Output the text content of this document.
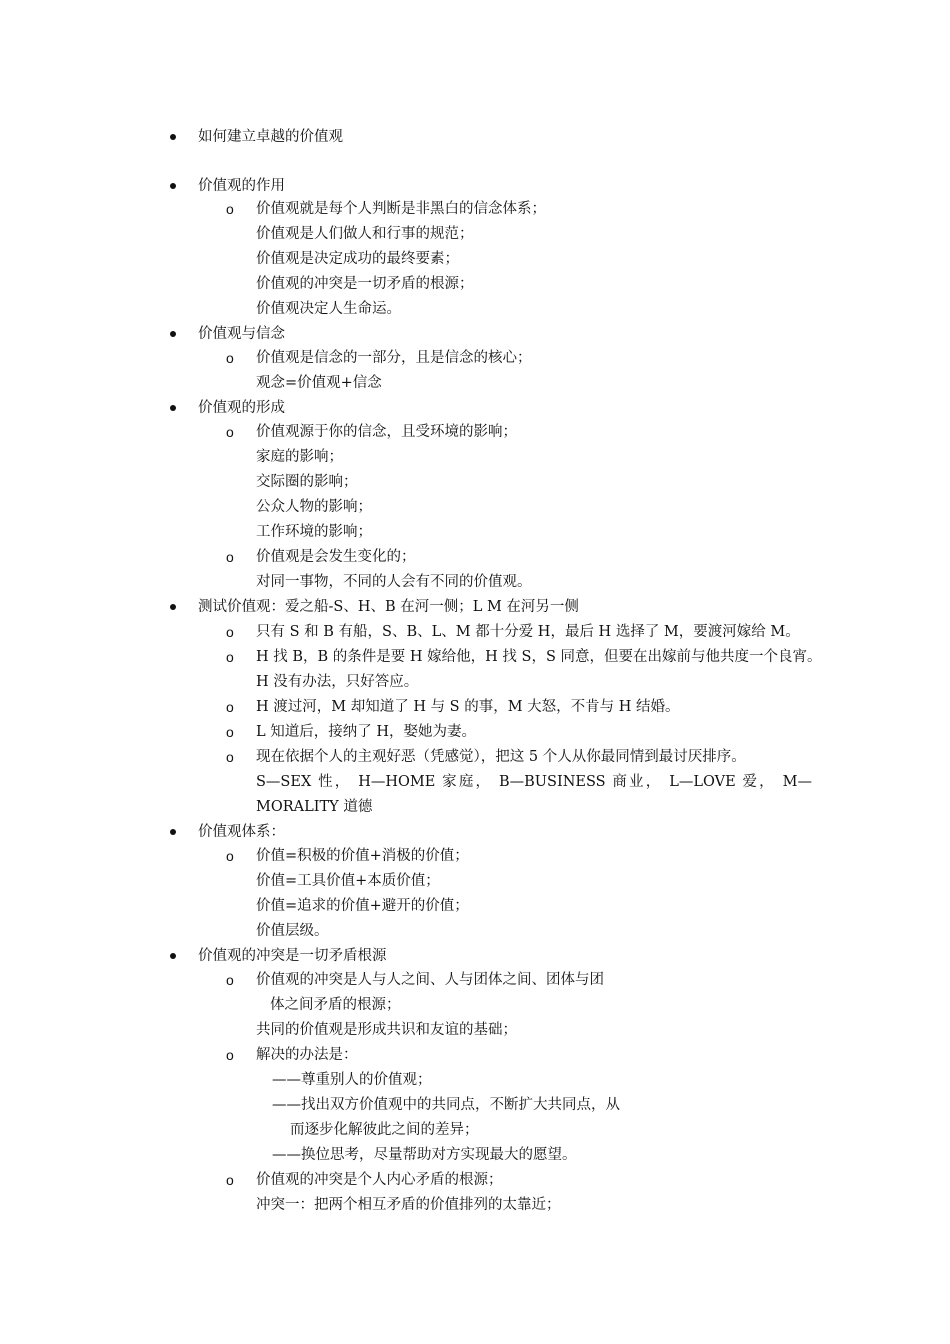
如何建立卓越的价值观
价值观的作用
o 价值观就是每个人判断是非黑白的信念体系；
价值观是人们做人和行事的规范；
价值观是决定成功的最终要素；
价值观的冲突是一切矛盾的根源；
价值观决定人生命运。
价值观与信念
o 价值观是信念的一部分，且是信念的核心；
观念=价值观+信念
价值观的形成
o 价值观源于你的信念，且受环境的影响；
家庭的影响；
交际圈的影响；
公众人物的影响；
工作环境的影响；
o 价值观是会发生变化的；
对同一事物，不同的人会有不同的价值观。
测试价值观：爱之船-S、H、B 在河一侧；L M 在河另一侧
o 只有 S 和 B 有船，S、B、L、M 都十分爱 H，最后 H 选择了 M，要渡河嫁给 M。
o H 找 B，B 的条件是要 H 嫁给他，H 找 S，S 同意，但要在出嫁前与他共度一个良宵。
H 没有办法，只好答应。
o H 渡过河，M 却知道了 H 与 S 的事，M 大怒，不肯与 H 结婚。
o L 知道后，接纳了 H，娶她为妻。
o 现在依据个人的主观好恶（凭感觉），把这 5 个人从你最同情到最讨厌排序。
S—SEX 性， H—HOME 家庭， B—BUSINESS 商业， L—LOVE 爱， M—
MORALITY 道德
价值观体系：
o 价值=积极的价值+消极的价值；
价值=工具价值+本质价值；
价值=追求的价值+避开的价值；
价值层级。
价值观的冲突是一切矛盾根源
o 价值观的冲突是人与人之间、人与团体之间、团体与团
体之间矛盾的根源；
共同的价值观是形成共识和友谊的基础；
o 解决的办法是：
——尊重别人的价值观；
——找出双方价值观中的共同点，不断扩大共同点，从
而逐步化解彼此之间的差异；
——换位思考，尽量帮助对方实现最大的愿望。
o 价值观的冲突是个人内心矛盾的根源；
冲突一：把两个相互矛盾的价值排列的太靠近；
